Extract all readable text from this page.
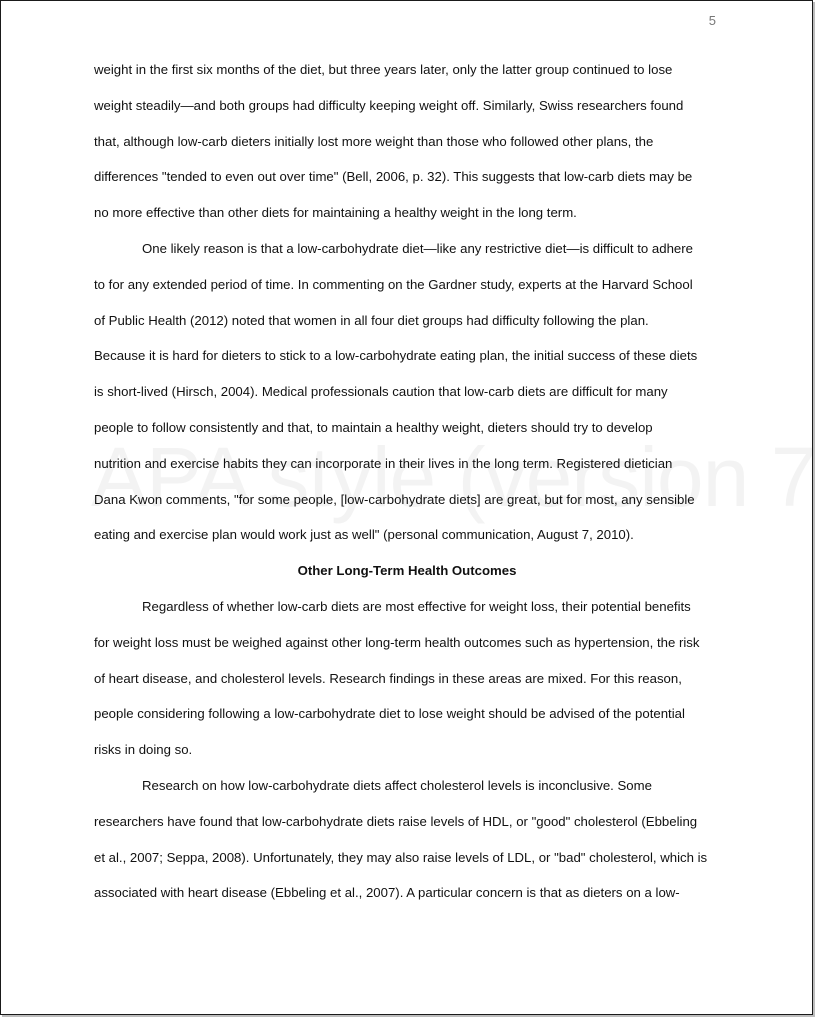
5

weight in the first six months of the diet, but three years later, only the latter group continued to lose
weight steadily—and both groups had difficulty keeping weight off. Similarly, Swiss researchers found
that, although low-carb dieters initially lost more weight than those who followed other plans, the
differences "tended to even out over time" (Bell, 2006, p. 32). This suggests that low-carb diets may be
no more effective than other diets for maintaining a healthy weight in the long term.

One likely reason is that a low-carbohydrate diet—like any restrictive diet—is difficult to adhere
to for any extended period of time. In commenting on the Gardner study, experts at the Harvard School
of Public Health (2012) noted that women in all four diet groups had difficulty following the plan.
Because it is hard for dieters to stick to a low-carbohydrate eating plan, the initial success of these diets
is short-lived (Hirsch, 2004). Medical professionals caution that low-carb diets are difficult for many
people to follow consistently and that, to maintain a healthy weight, dieters should try to develop
nutrition and exercise habits they can incorporate in their lives in the long term. Registered dietician
Dana Kwon comments, "for some people, [low-carbohydrate diets] are great, but for most, any sensible
eating and exercise plan would work just as well" (personal communication, August 7, 2010).

Other Long-Term Health Outcomes

Regardless of whether low-carb diets are most effective for weight loss, their potential benefits
for weight loss must be weighed against other long-term health outcomes such as hypertension, the risk
of heart disease, and cholesterol levels. Research findings in these areas are mixed. For this reason,
people considering following a low-carbohydrate diet to lose weight should be advised of the potential
risks in doing so.

Research on how low-carbohydrate diets affect cholesterol levels is inconclusive. Some
researchers have found that low-carbohydrate diets raise levels of HDL, or "good" cholesterol (Ebbeling
et al., 2007; Seppa, 2008). Unfortunately, they may also raise levels of LDL, or "bad" cholesterol, which is
associated with heart disease (Ebbeling et al., 2007). A particular concern is that as dieters on a low-
